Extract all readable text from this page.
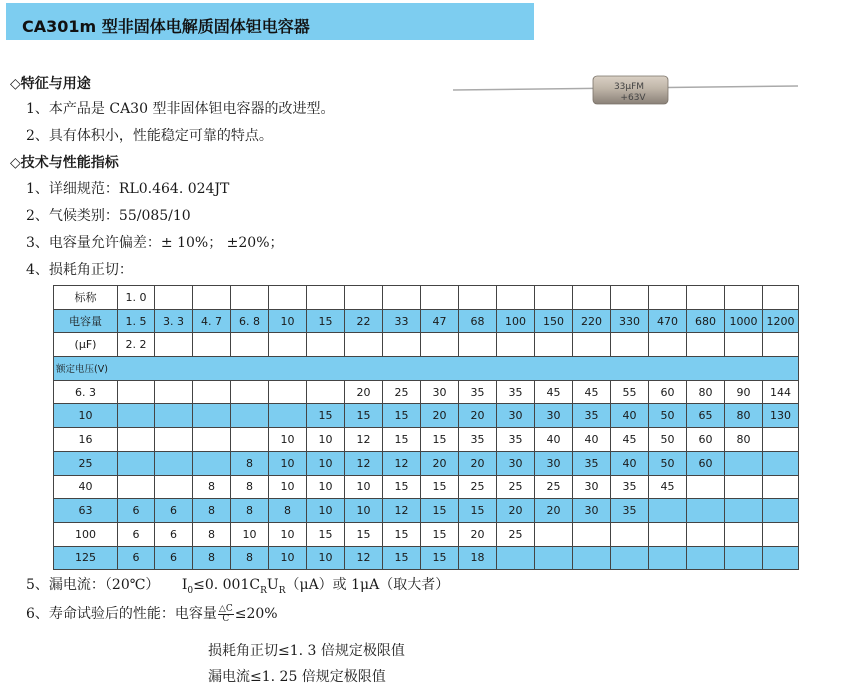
CA301m 型非固体电解质固体钽电容器
◇特征与用途
1、本产品是 CA30 型非固体钽电容器的改进型。
2、具有体积小，性能稳定可靠的特点。
◇技术与性能指标
1、详细规范：RL0.464. 024JT
2、气候类别：55/085/10
3、电容量允许偏差：± 10%； ±20%；
4、损耗角正切：
33μFM
+63V
标称	1. 0																	
电容量	1. 5	3. 3	4. 7	6. 8	10	15	22	33	47	68	100	150	220	330	470	680	1000	1200
(μF)	2. 2																	
额定电压(V)																		
6. 3							20	25	30	35	35	45	45	55	60	80	90	144
10						15	15	15	20	20	30	30	35	40	50	65	80	130
16					10	10	12	15	15	35	35	40	40	45	50	60	80	
25				8	10	10	12	12	20	20	30	30	35	40	50	60		
40			8	8	10	10	10	15	15	25	25	25	30	35	45			
63	6	6	8	8	8	10	10	12	15	15	20	20	30	35				
100	6	6	8	10	10	15	15	15	15	20	25							
125	6	6	8	8	10	10	12	15	15	18								
5、漏电流：（20℃） $I_0\le 0$. $001C_RU_R(\mu A)$或 1μA（取大者）
6、寿命试验后的性能：电容量 $\frac{\triangle C}{C} \le 20\%$
损耗角正切≤1. 3 倍规定极限值
漏电流≤1. 25 倍规定极限值
